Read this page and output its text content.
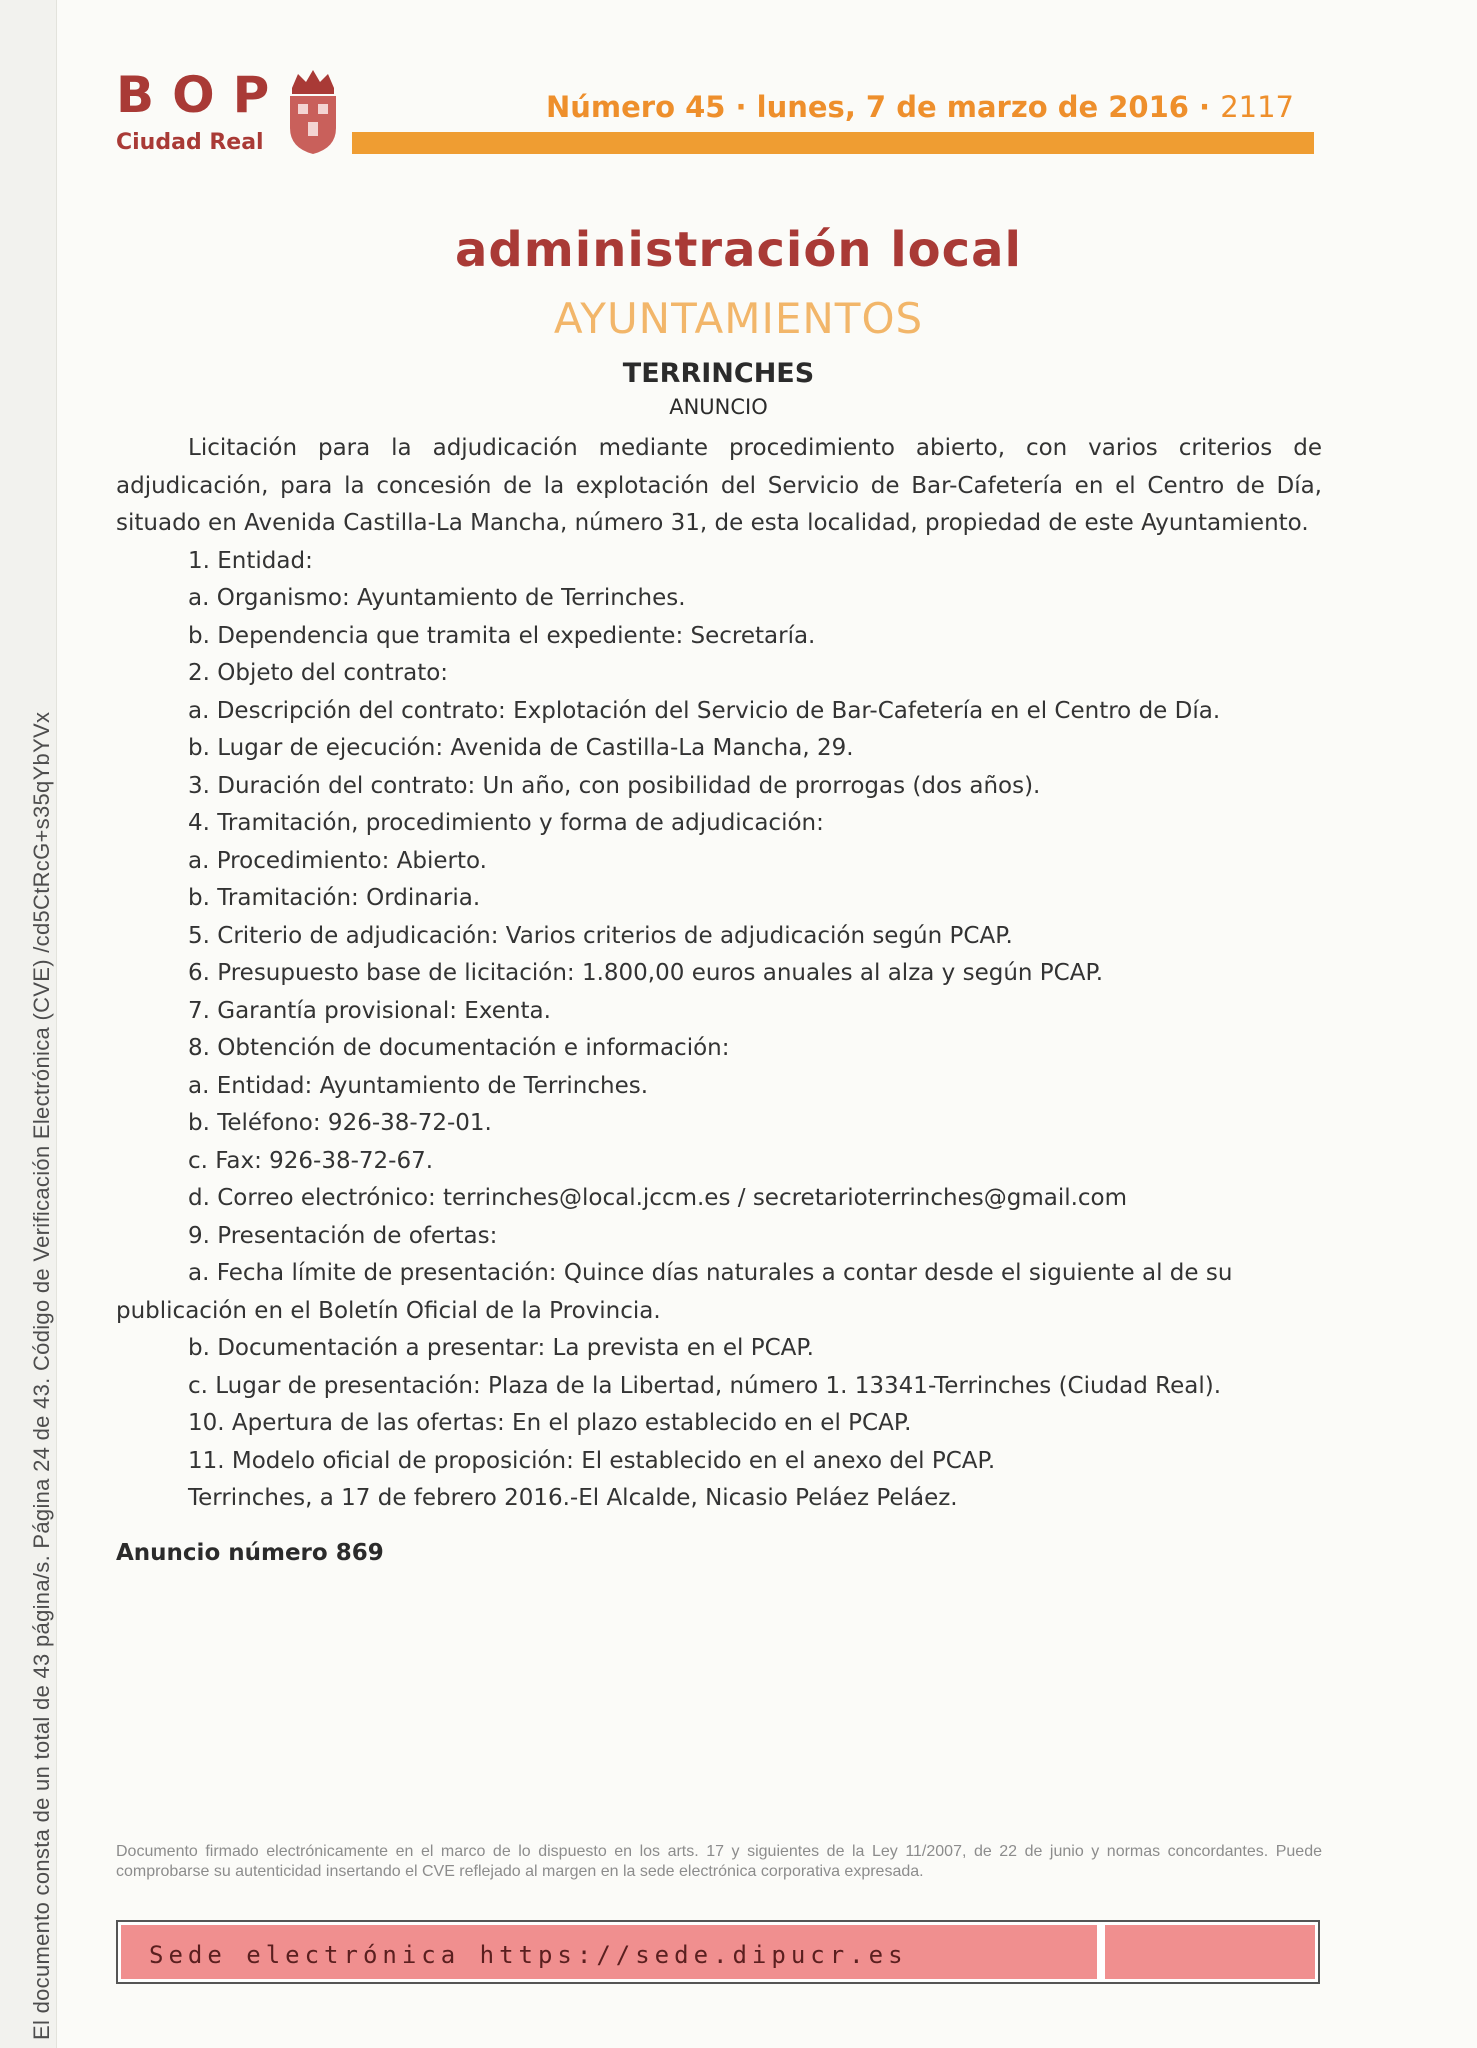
El documento consta de un total de 43 página/s. Página 24 de 43. Código de Verificación Electrónica (CVE) /cd5CtRcG+s35qYbYVx
BOP
Ciudad Real
Número 45 · lunes, 7 de marzo de 2016 · 2117
administración local
AYUNTAMIENTOS
TERRINCHES
ANUNCIO

Licitación para la adjudicación mediante procedimiento abierto, con varios criterios de adjudicación, para la concesión de la explotación del Servicio de Bar-Cafetería en el Centro de Día, situado en Avenida Castilla-La Mancha, número 31, de esta localidad, propiedad de este Ayuntamiento.

1. Entidad:

a. Organismo: Ayuntamiento de Terrinches.

b. Dependencia que tramita el expediente: Secretaría.

2. Objeto del contrato:

a. Descripción del contrato: Explotación del Servicio de Bar-Cafetería en el Centro de Día.

b. Lugar de ejecución: Avenida de Castilla-La Mancha, 29.

3. Duración del contrato: Un año, con posibilidad de prorrogas (dos años).

4. Tramitación, procedimiento y forma de adjudicación:

a. Procedimiento: Abierto.

b. Tramitación: Ordinaria.

5. Criterio de adjudicación: Varios criterios de adjudicación según PCAP.

6. Presupuesto base de licitación: 1.800,00 euros anuales al alza y según PCAP.

7. Garantía provisional: Exenta.

8. Obtención de documentación e información:

a. Entidad: Ayuntamiento de Terrinches.

b. Teléfono: 926-38-72-01.

c. Fax: 926-38-72-67.

d. Correo electrónico: terrinches@local.jccm.es / secretarioterrinches@gmail.com

9. Presentación de ofertas:

a. Fecha límite de presentación: Quince días naturales a contar desde el siguiente al de su publicación en el Boletín Oficial de la Provincia.

b. Documentación a presentar: La prevista en el PCAP.

c. Lugar de presentación: Plaza de la Libertad, número 1. 13341-Terrinches (Ciudad Real).

10. Apertura de las ofertas: En el plazo establecido en el PCAP.

11. Modelo oficial de proposición: El establecido en el anexo del PCAP.

Terrinches, a 17 de febrero 2016.-El Alcalde, Nicasio Peláez Peláez.

Anuncio número 869
Documento firmado electrónicamente en el marco de lo dispuesto en los arts. 17 y siguientes de la Ley 11/2007, de 22 de junio y normas concordantes. Puede comprobarse su autenticidad insertando el CVE reflejado al margen en la sede electrónica corporativa expresada.
Sede electrónica https://sede.dipucr.es
